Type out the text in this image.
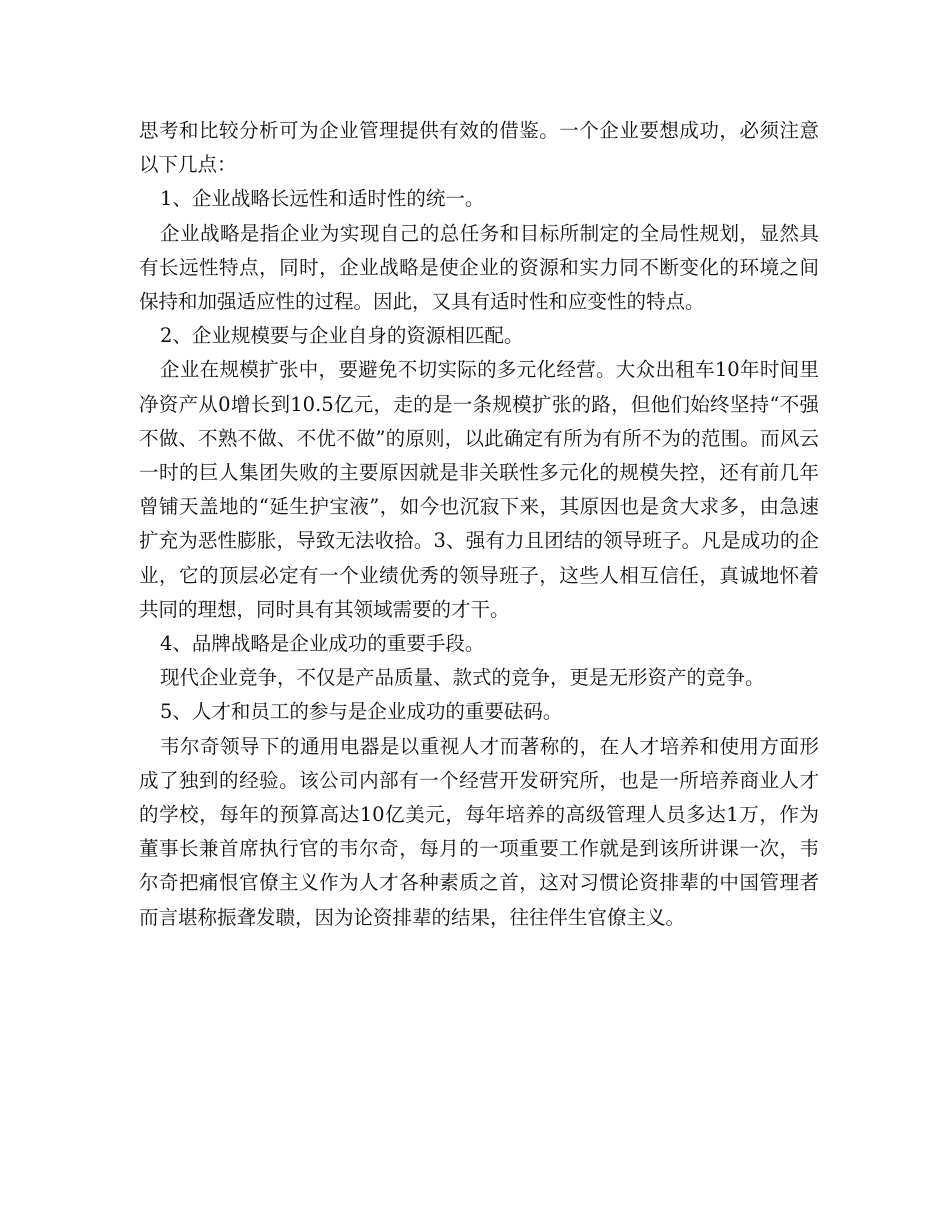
思考和比较分析可为企业管理提供有效的借鉴。一个企业要想成功，必须注意以下几点：

1、企业战略长远性和适时性的统一。

企业战略是指企业为实现自己的总任务和目标所制定的全局性规划，显然具有长远性特点，同时，企业战略是使企业的资源和实力同不断变化的环境之间保持和加强适应性的过程。因此，又具有适时性和应变性的特点。

2、企业规模要与企业自身的资源相匹配。

企业在规模扩张中，要避免不切实际的多元化经营。大众出租车10年时间里净资产从0增长到10.5亿元，走的是一条规模扩张的路，但他们始终坚持“不强不做、不熟不做、不优不做”的原则，以此确定有所为有所不为的范围。而风云一时的巨人集团失败的主要原因就是非关联性多元化的规模失控，还有前几年曾铺天盖地的“延生护宝液”，如今也沉寂下来，其原因也是贪大求多，由急速扩充为恶性膨胀，导致无法收拾。3、强有力且团结的领导班子。凡是成功的企业，它的顶层必定有一个业绩优秀的领导班子，这些人相互信任，真诚地怀着共同的理想，同时具有其领域需要的才干。

4、品牌战略是企业成功的重要手段。

现代企业竞争，不仅是产品质量、款式的竞争，更是无形资产的竞争。

5、人才和员工的参与是企业成功的重要砝码。

韦尔奇领导下的通用电器是以重视人才而著称的，在人才培养和使用方面形成了独到的经验。该公司内部有一个经营开发研究所，也是一所培养商业人才的学校，每年的预算高达10亿美元，每年培养的高级管理人员多达1万，作为董事长兼首席执行官的韦尔奇，每月的一项重要工作就是到该所讲课一次，韦尔奇把痛恨官僚主义作为人才各种素质之首，这对习惯论资排辈的中国管理者而言堪称振聋发聩，因为论资排辈的结果，往往伴生官僚主义。
